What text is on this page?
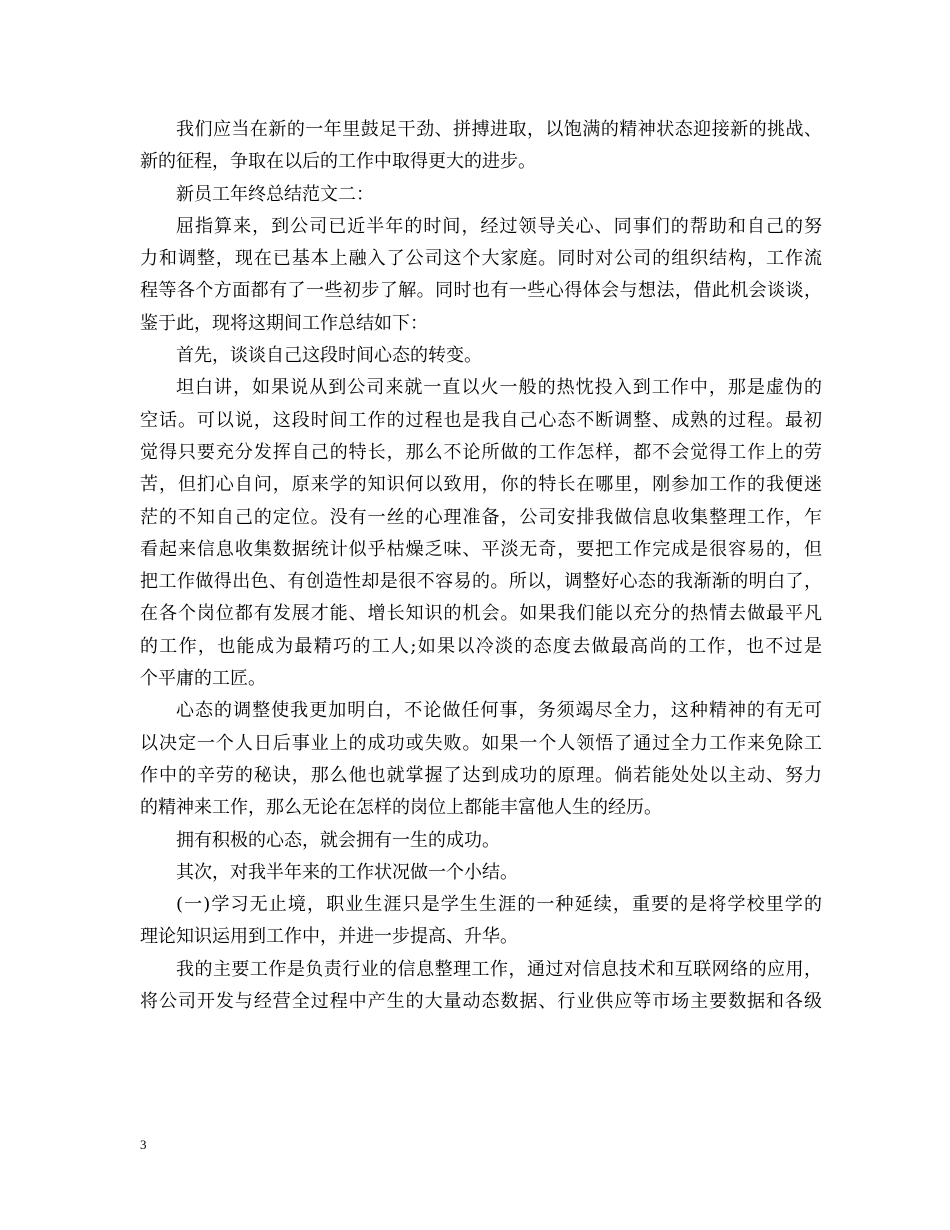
我们应当在新的一年里鼓足干劲、拼搏进取，以饱满的精神状态迎接新的挑战、
新的征程，争取在以后的工作中取得更大的进步。
新员工年终总结范文二：
屈指算来，到公司已近半年的时间，经过领导关心、同事们的帮助和自己的努
力和调整，现在已基本上融入了公司这个大家庭。同时对公司的组织结构，工作流
程等各个方面都有了一些初步了解。同时也有一些心得体会与想法，借此机会谈谈，
鉴于此，现将这期间工作总结如下：
首先，谈谈自己这段时间心态的转变。
坦白讲，如果说从到公司来就一直以火一般的热忱投入到工作中，那是虚伪的
空话。可以说，这段时间工作的过程也是我自己心态不断调整、成熟的过程。最初
觉得只要充分发挥自己的特长，那么不论所做的工作怎样，都不会觉得工作上的劳
苦，但扪心自问，原来学的知识何以致用，你的特长在哪里，刚参加工作的我便迷
茫的不知自己的定位。没有一丝的心理准备，公司安排我做信息收集整理工作，乍
看起来信息收集数据统计似乎枯燥乏味、平淡无奇，要把工作完成是很容易的，但
把工作做得出色、有创造性却是很不容易的。所以，调整好心态的我渐渐的明白了，
在各个岗位都有发展才能、增长知识的机会。如果我们能以充分的热情去做最平凡
的工作，也能成为最精巧的工人;如果以冷淡的态度去做最高尚的工作，也不过是
个平庸的工匠。
心态的调整使我更加明白，不论做任何事，务须竭尽全力，这种精神的有无可
以决定一个人日后事业上的成功或失败。如果一个人领悟了通过全力工作来免除工
作中的辛劳的秘诀，那么他也就掌握了达到成功的原理。倘若能处处以主动、努力
的精神来工作，那么无论在怎样的岗位上都能丰富他人生的经历。
拥有积极的心态，就会拥有一生的成功。
其次，对我半年来的工作状况做一个小结。
(一)学习无止境，职业生涯只是学生生涯的一种延续，重要的是将学校里学的
理论知识运用到工作中，并进一步提高、升华。
我的主要工作是负责行业的信息整理工作，通过对信息技术和互联网络的应用，
将公司开发与经营全过程中产生的大量动态数据、行业供应等市场主要数据和各级
3
